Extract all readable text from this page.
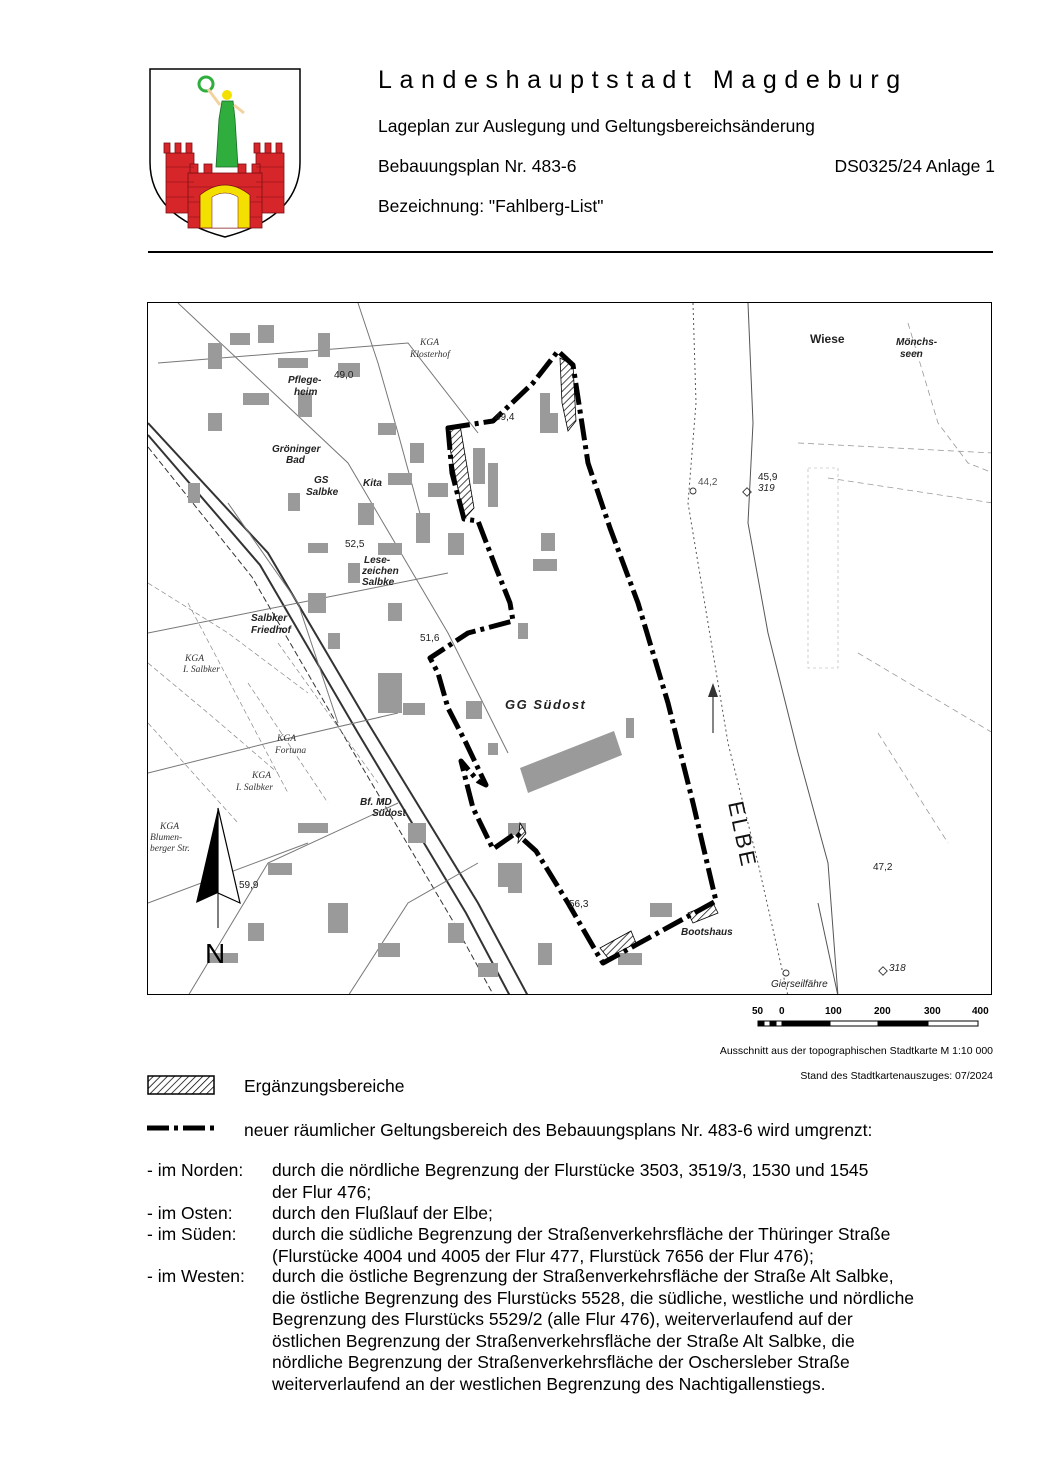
Landeshauptstadt Magdeburg
Lageplan zur Auslegung und Geltungsbereichsänderung
Bebauungsplan Nr. 483-6	DS0325/24 Anlage 1
Bezeichnung: "Fahlberg-List"
KGA Klosterhof
Wiese	Mönchs-
seen
Pflege-
heim
49,0
49,4
Gröninger
Bad
GS
Salbke
Kita	44,2	45,9
319
52,5
Lese-
zeichen
Salbke
Salbker
Friedhof
51,6
KGA
I. Salbker
GG Südost
KGA
Fortuna
KGA
I. Salbker
ELBE
Bf. MD
Südost
KGA
Blumen-
berger Str.
47,2
59,9
56,3
Bootshaus
318
Gierseilfähre
N
50 0	100	200	300	400
Ausschnitt aus der topographischen Stadtkarte M 1:10 000
Stand des Stadtkartenauszuges: 07/2024
Ergänzungsbereiche
neuer räumlicher Geltungsbereich des Bebauungsplans Nr. 483-6 wird umgrenzt:
- im Norden: durch die nördliche Begrenzung der Flurstücke 3503, 3519/3, 1530 und 1545
der Flur 476;
- im Osten: durch den Flußlauf der Elbe;
- im Süden: durch die südliche Begrenzung der Straßenverkehrsfläche der Thüringer Straße
(Flurstücke 4004 und 4005 der Flur 477, Flurstück 7656 der Flur 476);
- im Westen: durch die östliche Begrenzung der Straßenverkehrsfläche der Straße Alt Salbke,
die östliche Begrenzung des Flurstücks 5528, die südliche, westliche und nördliche
Begrenzung des Flurstücks 5529/2 (alle Flur 476), weiterverlaufend auf der
östlichen Begrenzung der Straßenverkehrsfläche der Straße Alt Salbke, die
nördliche Begrenzung der Straßenverkehrsfläche der Oschersleber Straße
weiterverlaufend an der westlichen Begrenzung des Nachtigallenstiegs.
